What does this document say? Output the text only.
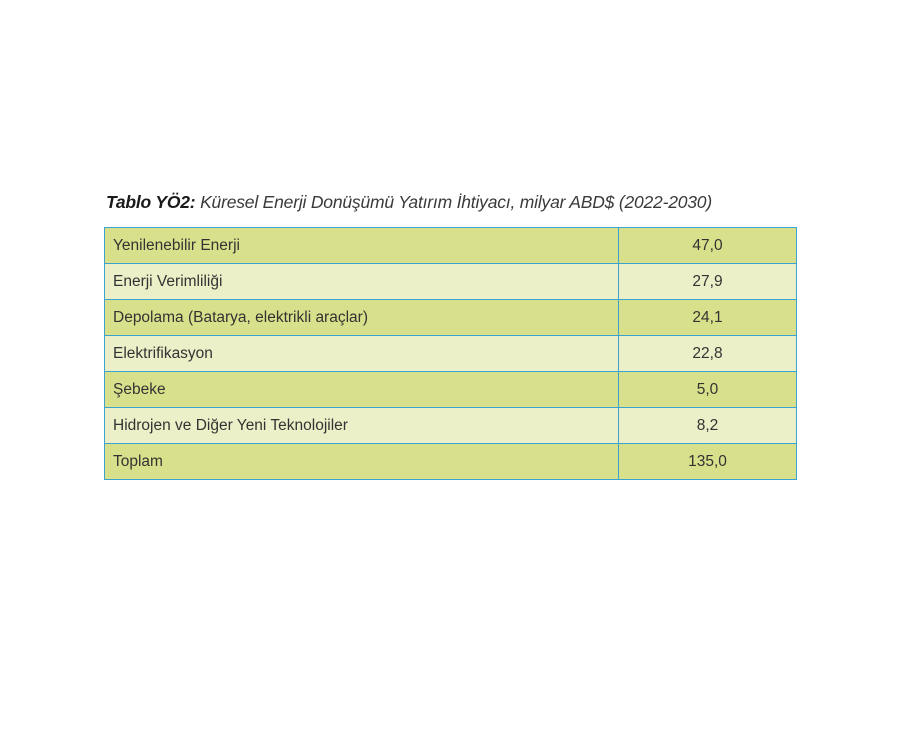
Tablo YÖ2: Küresel Enerji Donüşümü Yatırım İhtiyacı, milyar ABD$ (2022-2030)
Yenilenebilir Enerji	47,0
Enerji Verimliliği	27,9
Depolama (Batarya, elektrikli araçlar)	24,1
Elektrifikasyon	22,8
Şebeke	5,0
Hidrojen ve Diğer Yeni Teknolojiler	8,2
Toplam	135,0
